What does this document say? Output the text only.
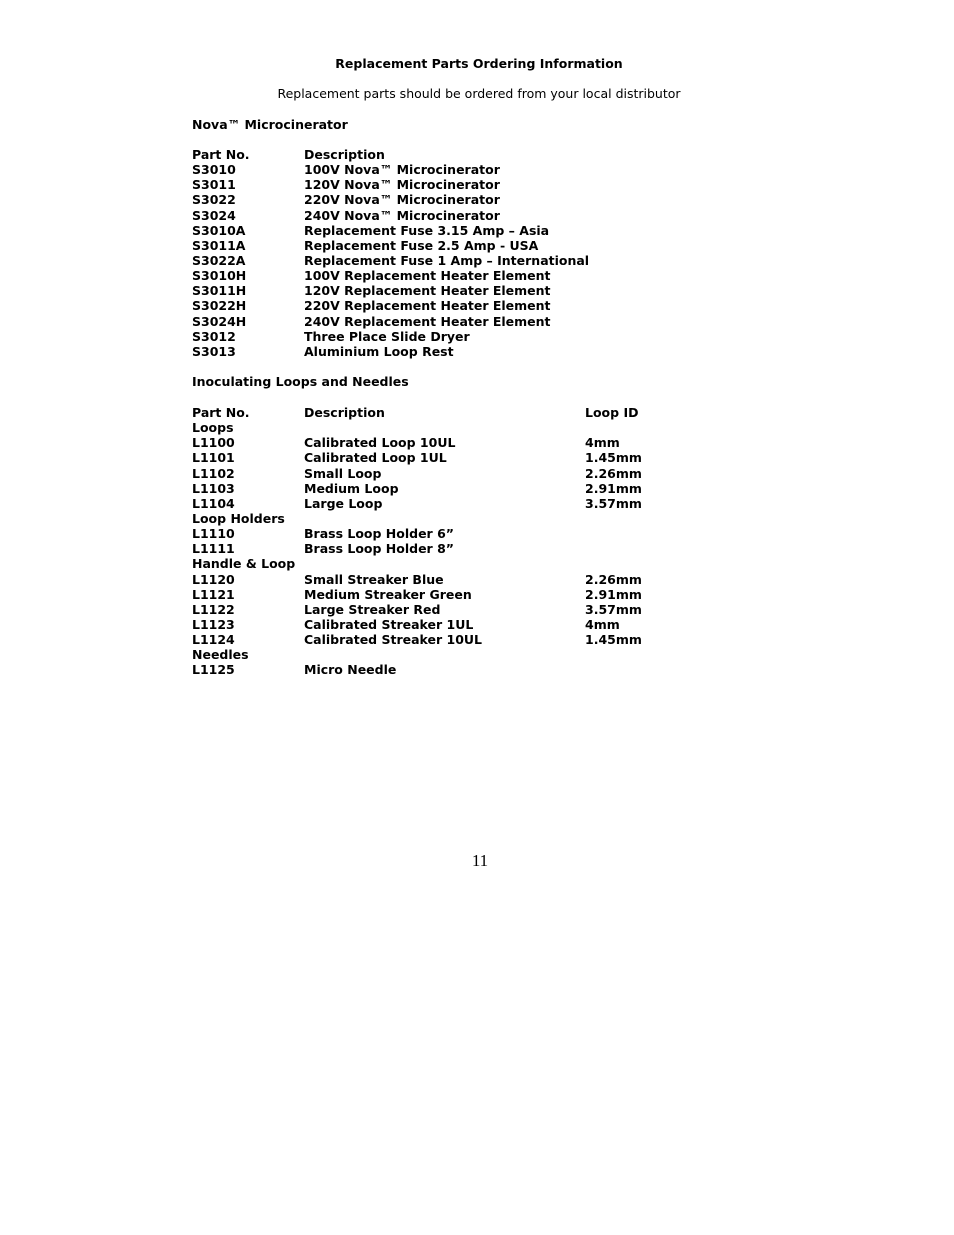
Replacement Parts Ordering Information
Replacement parts should be ordered from your local distributor
Nova™ Microcinerator
Part No.	Description
S3010	100V Nova™ Microcinerator
S3011	120V Nova™ Microcinerator
S3022	220V Nova™ Microcinerator
S3024	240V Nova™ Microcinerator
S3010A	Replacement Fuse 3.15 Amp – Asia
S3011A	Replacement Fuse 2.5 Amp - USA
S3022A	Replacement Fuse 1 Amp – International
S3010H	100V Replacement Heater Element
S3011H	120V Replacement Heater Element
S3022H	220V Replacement Heater Element
S3024H	240V Replacement Heater Element
S3012	Three Place Slide Dryer
S3013	Aluminium Loop Rest
Inoculating Loops and Needles
Part No.	Description	Loop ID
Loops
L1100	Calibrated Loop 10UL	4mm
L1101	Calibrated Loop 1UL	1.45mm
L1102	Small Loop	2.26mm
L1103	Medium Loop	2.91mm
L1104	Large Loop	3.57mm
Loop Holders
L1110	Brass Loop Holder 6”
L1111	Brass Loop Holder 8”
Handle & Loop
L1120	Small Streaker Blue	2.26mm
L1121	Medium Streaker Green	2.91mm
L1122	Large Streaker Red	3.57mm
L1123	Calibrated Streaker 1UL	4mm
L1124	Calibrated Streaker 10UL	1.45mm
Needles
L1125	Micro Needle
11
